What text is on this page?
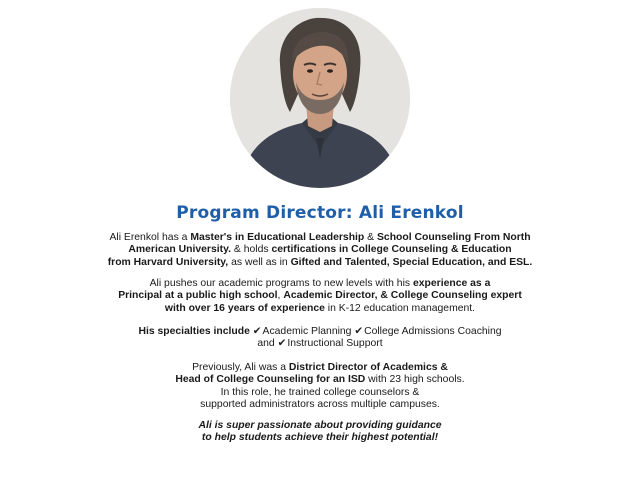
Program Director: Ali Erenkol
Ali Erenkol has a Master's in Educational Leadership & School Counseling From North
American University. & holds certifications in College Counseling & Education
from Harvard University, as well as in Gifted and Talented, Special Education, and ESL.
Ali pushes our academic programs to new levels with his experience as a
Principal at a public high school, Academic Director, & College Counseling expert
with over 16 years of experience in K-12 education management.
His specialties include ✔Academic Planning ✔College Admissions Coaching
and ✔Instructional Support
Previously, Ali was a District Director of Academics &
Head of College Counseling for an ISD with 23 high schools.
In this role, he trained college counselors &
supported administrators across multiple campuses.
Ali is super passionate about providing guidance
to help students achieve their highest potential!
